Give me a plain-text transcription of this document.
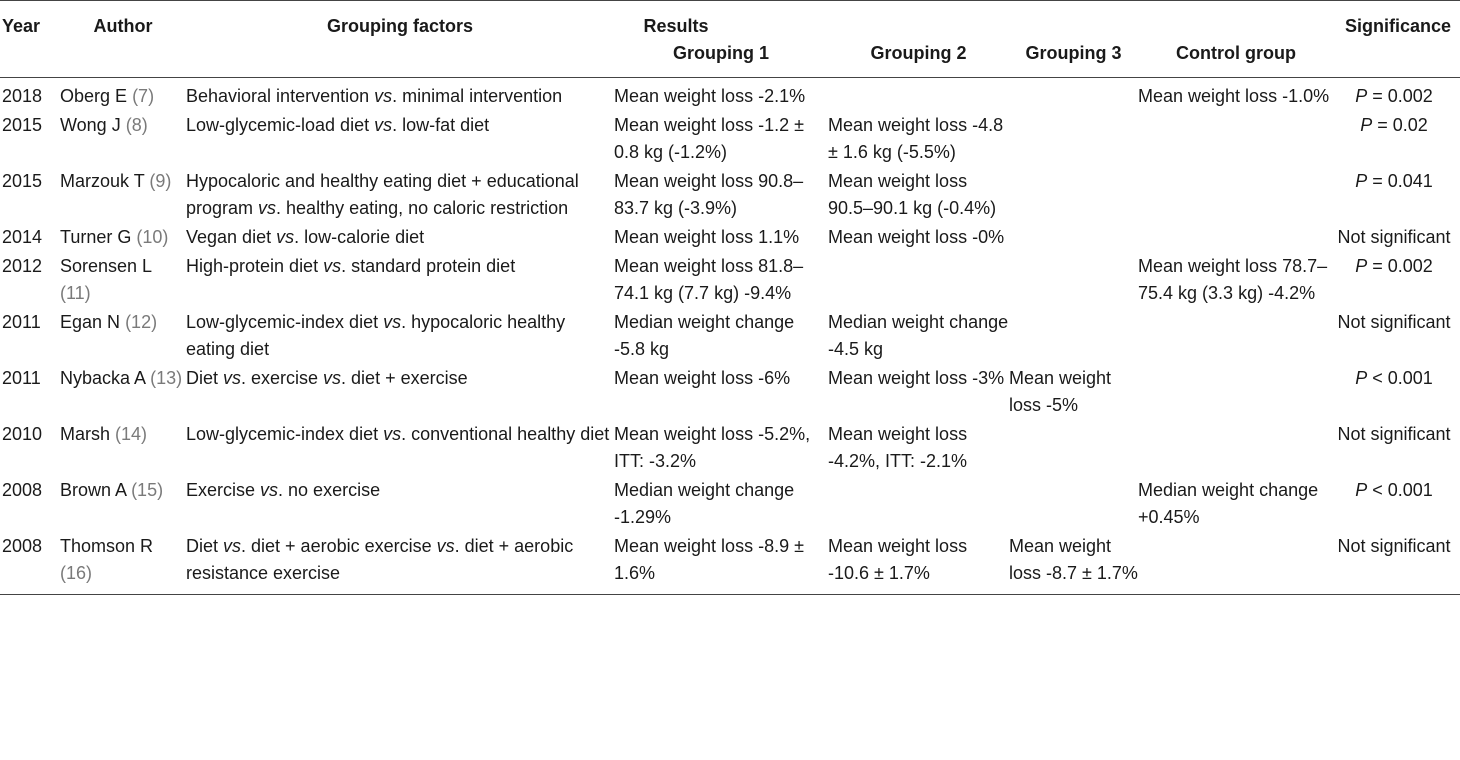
Year	Author	Grouping factors	Results
Grouping 1	Grouping 2	Grouping 3	Control group	Significance
2018	Oberg E (7)	Behavioral intervention vs. minimal intervention	Mean weight loss -2.1%			Mean weight loss -1.0%	P = 0.002
2015	Wong J (8)	Low-glycemic-load diet vs. low-fat diet	Mean weight loss -1.2 ± 0.8 kg (-1.2%)	Mean weight loss -4.8 ± 1.6 kg (-5.5%)			P = 0.02
2015	Marzouk T (9)	Hypocaloric and healthy eating diet + educational program vs. healthy eating, no caloric restriction	Mean weight loss 90.8–83.7 kg (-3.9%)	Mean weight loss 90.5–90.1 kg (-0.4%)			P = 0.041
2014	Turner G (10)	Vegan diet vs. low-calorie diet	Mean weight loss 1.1%	Mean weight loss -0%			Not significant
2012	Sorensen L (11)	High-protein diet vs. standard protein diet	Mean weight loss 81.8–74.1 kg (7.7 kg) -9.4%			Mean weight loss 78.7–75.4 kg (3.3 kg) -4.2%	P = 0.002
2011	Egan N (12)	Low-glycemic-index diet vs. hypocaloric healthy eating diet	Median weight change -5.8 kg	Median weight change -4.5 kg			Not significant
2011	Nybacka A (13)	Diet vs. exercise vs. diet + exercise	Mean weight loss -6%	Mean weight loss -3%	Mean weight loss -5%		P < 0.001
2010	Marsh (14)	Low-glycemic-index diet vs. conventional healthy diet	Mean weight loss -5.2%, ITT: -3.2%	Mean weight loss -4.2%, ITT: -2.1%			Not significant
2008	Brown A (15)	Exercise vs. no exercise	Median weight change -1.29%			Median weight change +0.45%	P < 0.001
2008	Thomson R (16)	Diet vs. diet + aerobic exercise vs. diet + aerobic resistance exercise	Mean weight loss -8.9 ± 1.6%	Mean weight loss -10.6 ± 1.7%	Mean weight loss -8.7 ± 1.7%		Not significant
